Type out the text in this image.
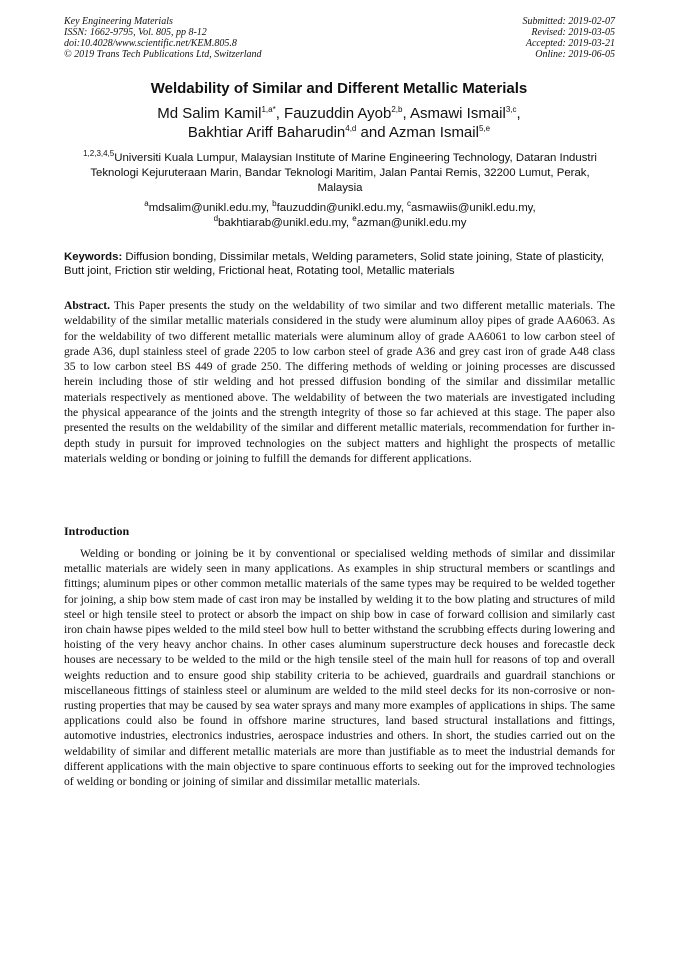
Key Engineering Materials
ISSN: 1662-9795, Vol. 805, pp 8-12
doi:10.4028/www.scientific.net/KEM.805.8
© 2019 Trans Tech Publications Ltd, Switzerland
Submitted: 2019-02-07
Revised: 2019-03-05
Accepted: 2019-03-21
Online: 2019-06-05
Weldability of Similar and Different Metallic Materials
Md Salim Kamil$^{1,a*}$, Fauzuddin Ayob$^{2,b}$, Asmawi Ismail$^{3,c}$,
Bakhtiar Ariff Baharudin$^{4,d}$ and Azman Ismail$^{5,e}$
$^{1,2,3,4,5}$Universiti Kuala Lumpur, Malaysian Institute of Marine Engineering Technology, Dataran Industri Teknologi Kejuruteraan Marin, Bandar Teknologi Maritim, Jalan Pantai Remis, 32200 Lumut, Perak, Malaysia
$^a$mdsalim@unikl.edu.my, $^b$fauzuddin@unikl.edu.my, $^c$asmawiis@unikl.edu.my,
$^d$bakhtiarab@unikl.edu.my, $^e$azman@unikl.edu.my
Keywords: Diffusion bonding, Dissimilar metals, Welding parameters, Solid state joining, State of plasticity, Butt joint, Friction stir welding, Frictional heat, Rotating tool, Metallic materials
Abstract. This Paper presents the study on the weldability of two similar and two different metallic materials. The weldability of the similar metallic materials considered in the study were aluminum alloy pipes of grade AA6063. As for the weldability of two different metallic materials were aluminum alloy of grade AA6061 to low carbon steel of grade A36, dupl stainless steel of grade 2205 to low carbon steel of grade A36 and grey cast iron of grade A48 class 35 to low carbon steel BS 449 of grade 250. The differing methods of welding or joining processes are discussed herein including those of stir welding and hot pressed diffusion bonding of the similar and dissimilar metallic materials respectively as mentioned above. The weldability of between the two materials are investigated including the physical appearance of the joints and the strength integrity of those so far achieved at this stage. The paper also presented the results on the weldability of the similar and different metallic materials, recommendation for further in-depth study in pursuit for improved technologies on the subject matters and highlight the prospects of metallic materials welding or bonding or joining to fulfill the demands for different applications.
Introduction
Welding or bonding or joining be it by conventional or specialised welding methods of similar and dissimilar metallic materials are widely seen in many applications. As examples in ship structural members or scantlings and fittings; aluminum pipes or other common metallic materials of the same types may be required to be welded together for joining, a ship bow stem made of cast iron may be installed by welding it to the bow plating and structures of mild steel or high tensile steel to protect or absorb the impact on ship bow in case of forward collision and similarly cast iron chain hawse pipes welded to the mild steel bow hull to better withstand the scrubbing effects during lowering and hoisting of the very heavy anchor chains. In other cases aluminum superstructure deck houses and forecastle deck houses are necessary to be welded to the mild or the high tensile steel of the main hull for reasons of top and overall weights reduction and to ensure good ship stability criteria to be achieved, guardrails and guardrail stanchions or miscellaneous fittings of stainless steel or aluminum are welded to the mild steel decks for its non-corrosive or non-rusting properties that may be caused by sea water sprays and many more examples of applications in ships. The same applications could also be found in offshore marine structures, land based structural installations and fittings, automotive industries, electronics industries, aerospace industries and others. In short, the studies carried out on the weldability of similar and different metallic materials are more than justifiable as to meet the industrial demands for different applications with the main objective to spare continuous efforts to seeking out for the improved technologies of welding or bonding or joining of similar and dissimilar metallic materials.
